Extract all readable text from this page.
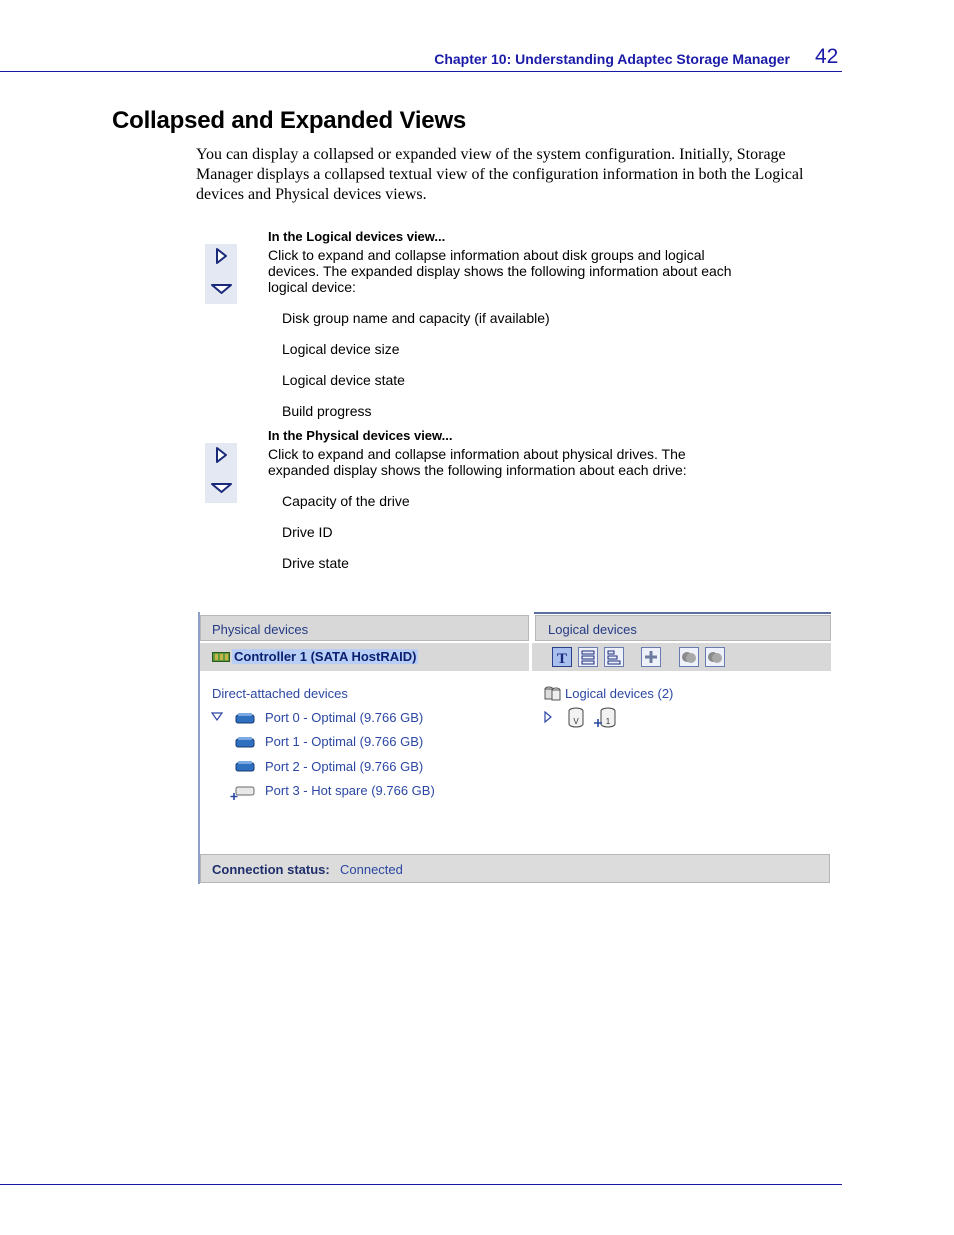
Chapter 10: Understanding Adaptec Storage Manager 42
Collapsed and Expanded Views
You can display a collapsed or expanded view of the system configuration. Initially, Storage Manager displays a collapsed textual view of the configuration information in both the Logical devices and Physical devices views.
In the Logical devices view...
Click to expand and collapse information about disk groups and logical devices. The expanded display shows the following information about each logical device:
Disk group name and capacity (if available)
Logical device size
Logical device state
Build progress
In the Physical devices view...
Click to expand and collapse information about physical drives. The expanded display shows the following information about each drive:
Capacity of the drive
Drive ID
Drive state
Physical devices	Logical devices
Controller 1 (SATA HostRAID)	T
Direct-attached devices
Port 0 - Optimal (9.766 GB)
Port 1 - Optimal (9.766 GB)
Port 2 - Optimal (9.766 GB)
Port 3 - Hot spare (9.766 GB)
Logical devices (2)
V	1
Connection status: Connected
